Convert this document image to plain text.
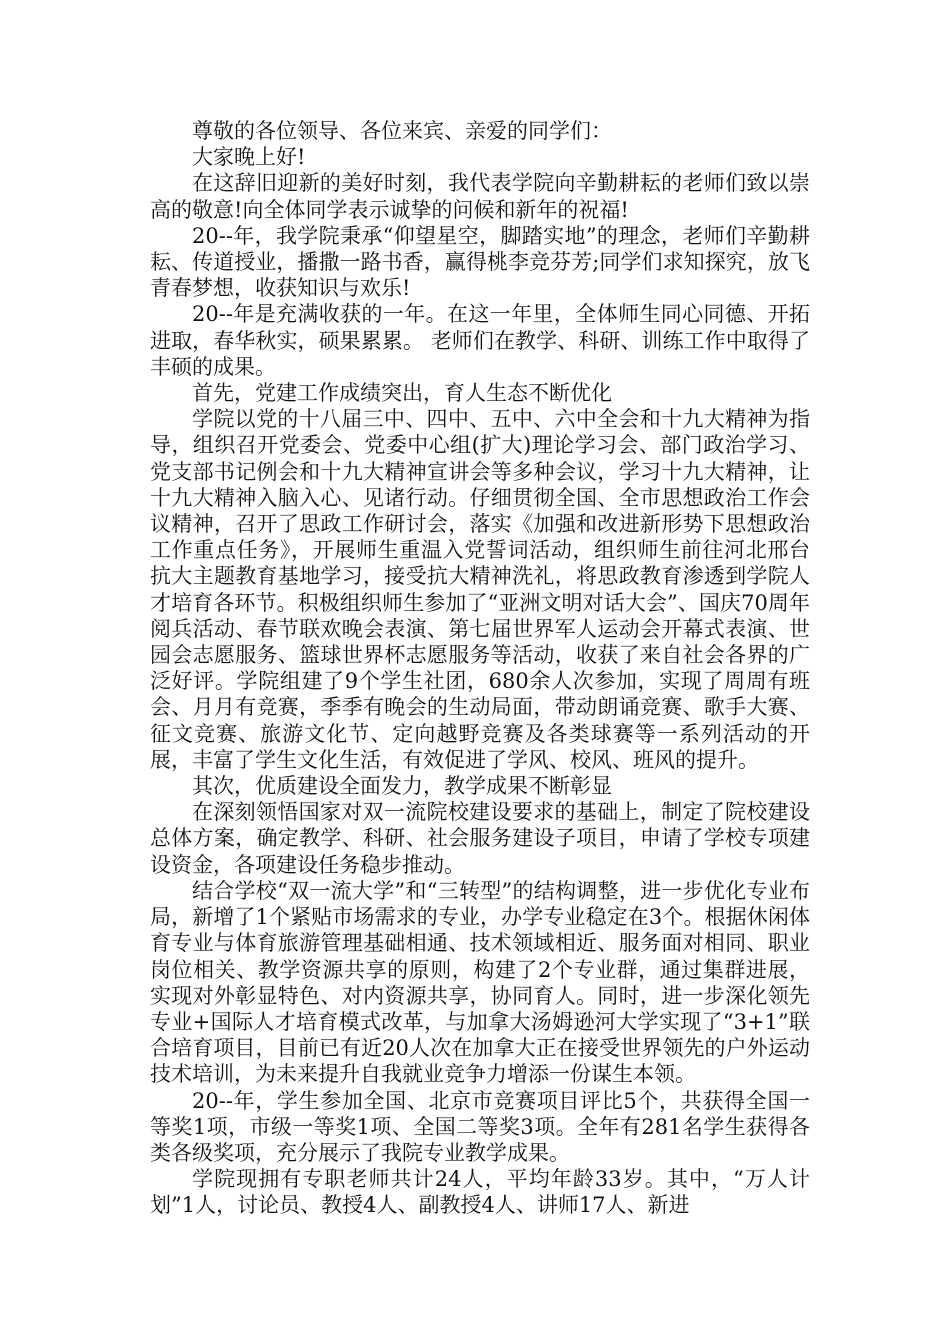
尊敬的各位领导、各位来宾、亲爱的同学们：

大家晚上好!

在这辞旧迎新的美好时刻，我代表学院向辛勤耕耘的老师们致以崇高的敬意!向全体同学表示诚挚的问候和新年的祝福!

20--年，我学院秉承“仰望星空，脚踏实地”的理念，老师们辛勤耕耘、传道授业，播撒一路书香，赢得桃李竞芬芳;同学们求知探究，放飞青春梦想，收获知识与欢乐!

20--年是充满收获的一年。在这一年里，全体师生同心同德、开拓进取，春华秋实，硕果累累。 老师们在教学、科研、训练工作中取得了丰硕的成果。

首先，党建工作成绩突出，育人生态不断优化

学院以党的十八届三中、四中、五中、六中全会和十九大精神为指导，组织召开党委会、党委中心组(扩大)理论学习会、部门政治学习、党支部书记例会和十九大精神宣讲会等多种会议，学习十九大精神，让十九大精神入脑入心、见诸行动。仔细贯彻全国、全市思想政治工作会议精神，召开了思政工作研讨会，落实《加强和改进新形势下思想政治工作重点任务》，开展师生重温入党誓词活动，组织师生前往河北邢台抗大主题教育基地学习，接受抗大精神洗礼，将思政教育渗透到学院人才培育各环节。积极组织师生参加了“亚洲文明对话大会”、国庆70周年阅兵活动、春节联欢晚会表演、第七届世界军人运动会开幕式表演、世园会志愿服务、篮球世界杯志愿服务等活动，收获了来自社会各界的广泛好评。学院组建了9个学生社团，680余人次参加，实现了周周有班会、月月有竞赛，季季有晚会的生动局面，带动朗诵竞赛、歌手大赛、征文竞赛、旅游文化节、定向越野竞赛及各类球赛等一系列活动的开展，丰富了学生文化生活，有效促进了学风、校风、班风的提升。

其次，优质建设全面发力，教学成果不断彰显

在深刻领悟国家对双一流院校建设要求的基础上，制定了院校建设总体方案，确定教学、科研、社会服务建设子项目，申请了学校专项建设资金，各项建设任务稳步推动。

结合学校“双一流大学”和“三转型”的结构调整，进一步优化专业布局，新增了1个紧贴市场需求的专业，办学专业稳定在3个。根据休闲体育专业与体育旅游管理基础相通、技术领域相近、服务面对相同、职业岗位相关、教学资源共享的原则，构建了2个专业群，通过集群进展，实现对外彰显特色、对内资源共享，协同育人。同时，进一步深化领先专业+国际人才培育模式改革，与加拿大汤姆逊河大学实现了“3+1”联合培育项目，目前已有近20人次在加拿大正在接受世界领先的户外运动技术培训，为未来提升自我就业竞争力增添一份谋生本领。

20--年，学生参加全国、北京市竞赛项目评比5个，共获得全国一等奖1项，市级一等奖1项、全国二等奖3项。全年有281名学生获得各类各级奖项，充分展示了我院专业教学成果。

学院现拥有专职老师共计24人，平均年龄33岁。其中，“万人计划”1人，讨论员、教授4人、副教授4人、讲师17人、新进
